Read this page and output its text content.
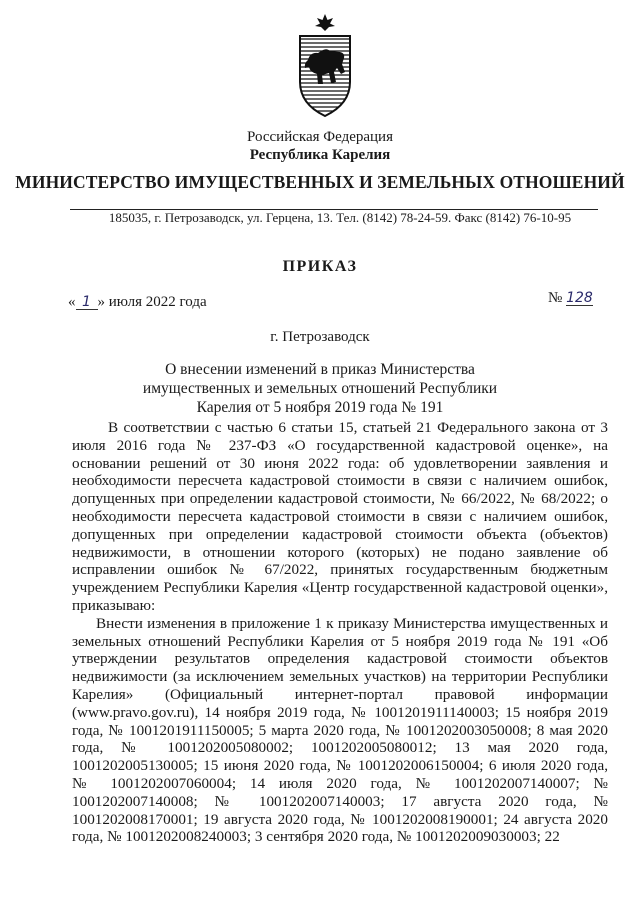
Российская Федерация
Республика Карелия
МИНИСТЕРСТВО ИМУЩЕСТВЕННЫХ И ЗЕМЕЛЬНЫХ ОТНОШЕНИЙ
185035, г. Петрозаводск, ул. Герцена, 13. Тел. (8142) 78-24-59. Факс (8142) 76-10-95
ПРИКАЗ
« 1 » июля 2022 года	№ 128
г. Петрозаводск
О внесении изменений в приказ Министерства имущественных и земельных отношений Республики Карелия от 5 ноября 2019 года № 191

В соответствии с частью 6 статьи 15, статьей 21 Федерального закона от 3 июля 2016 года № 237-ФЗ «О государственной кадастровой оценке», на основании решений от 30 июня 2022 года: об удовлетворении заявления и необходимости пересчета кадастровой стоимости в связи с наличием ошибок, допущенных при определении кадастровой стоимости, № 66/2022, № 68/2022; о необходимости пересчета кадастровой стоимости в связи с наличием ошибок, допущенных при определении кадастровой стоимости объекта (объектов) недвижимости, в отношении которого (которых) не подано заявление об исправлении ошибок № 67/2022, принятых государственным бюджетным учреждением Республики Карелия «Центр государственной кадастровой оценки», приказываю:

Внести изменения в приложение 1 к приказу Министерства имущественных и земельных отношений Республики Карелия от 5 ноября 2019 года № 191 «Об утверждении результатов определения кадастровой стоимости объектов недвижимости (за исключением земельных участков) на территории Республики Карелия» (Официальный интернет-портал правовой информации (www.pravo.gov.ru), 14 ноября 2019 года, № 1001201911140003; 15 ноября 2019 года, № 1001201911150005; 5 марта 2020 года, № 1001202003050008; 8 мая 2020 года, № 1001202005080002; 1001202005080012; 13 мая 2020 года, 1001202005130005; 15 июня 2020 года, № 1001202006150004; 6 июля 2020 года, № 1001202007060004; 14 июля 2020 года, № 1001202007140007; № 1001202007140008; № 1001202007140003; 17 августа 2020 года, № 1001202008170001; 19 августа 2020 года, № 1001202008190001; 24 августа 2020 года, № 1001202008240003; 3 сентября 2020 года, № 1001202009030003; 22
